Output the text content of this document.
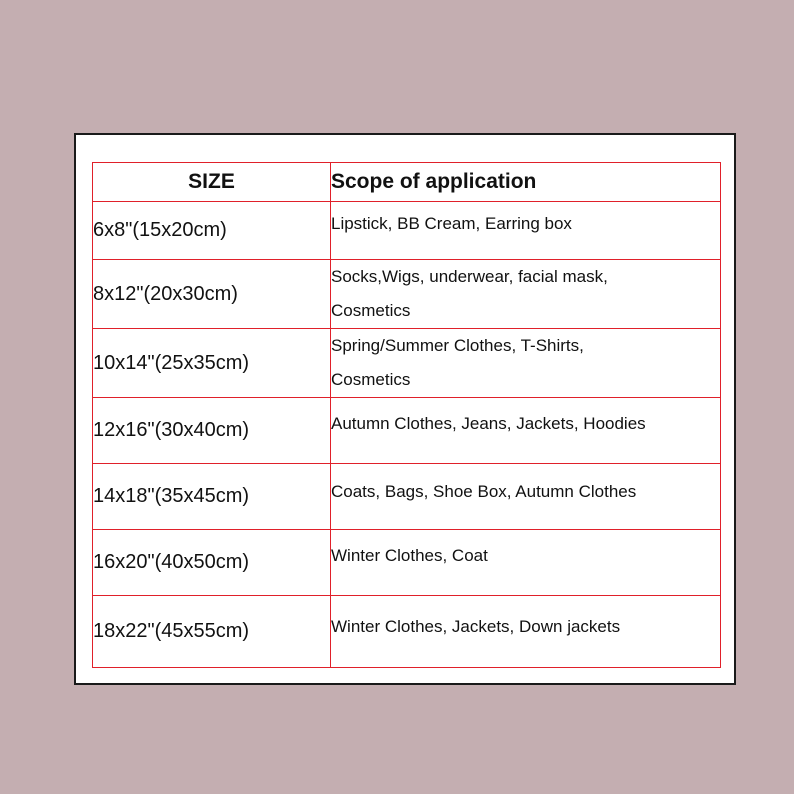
SIZE	Scope of application
6x8"(15x20cm)	Lipstick, BB Cream, Earring box

8x12"(20x30cm)	Socks,Wigs, underwear, facial mask,
Cosmetics

10x14"(25x35cm)	Spring/Summer Clothes, T-Shirts,
Cosmetics

12x16"(30x40cm)	Autumn Clothes, Jeans, Jackets, Hoodies

14x18"(35x45cm)	Coats, Bags, Shoe Box, Autumn Clothes

16x20"(40x50cm)	Winter Clothes, Coat

18x22"(45x55cm)	Winter Clothes, Jackets, Down jackets
